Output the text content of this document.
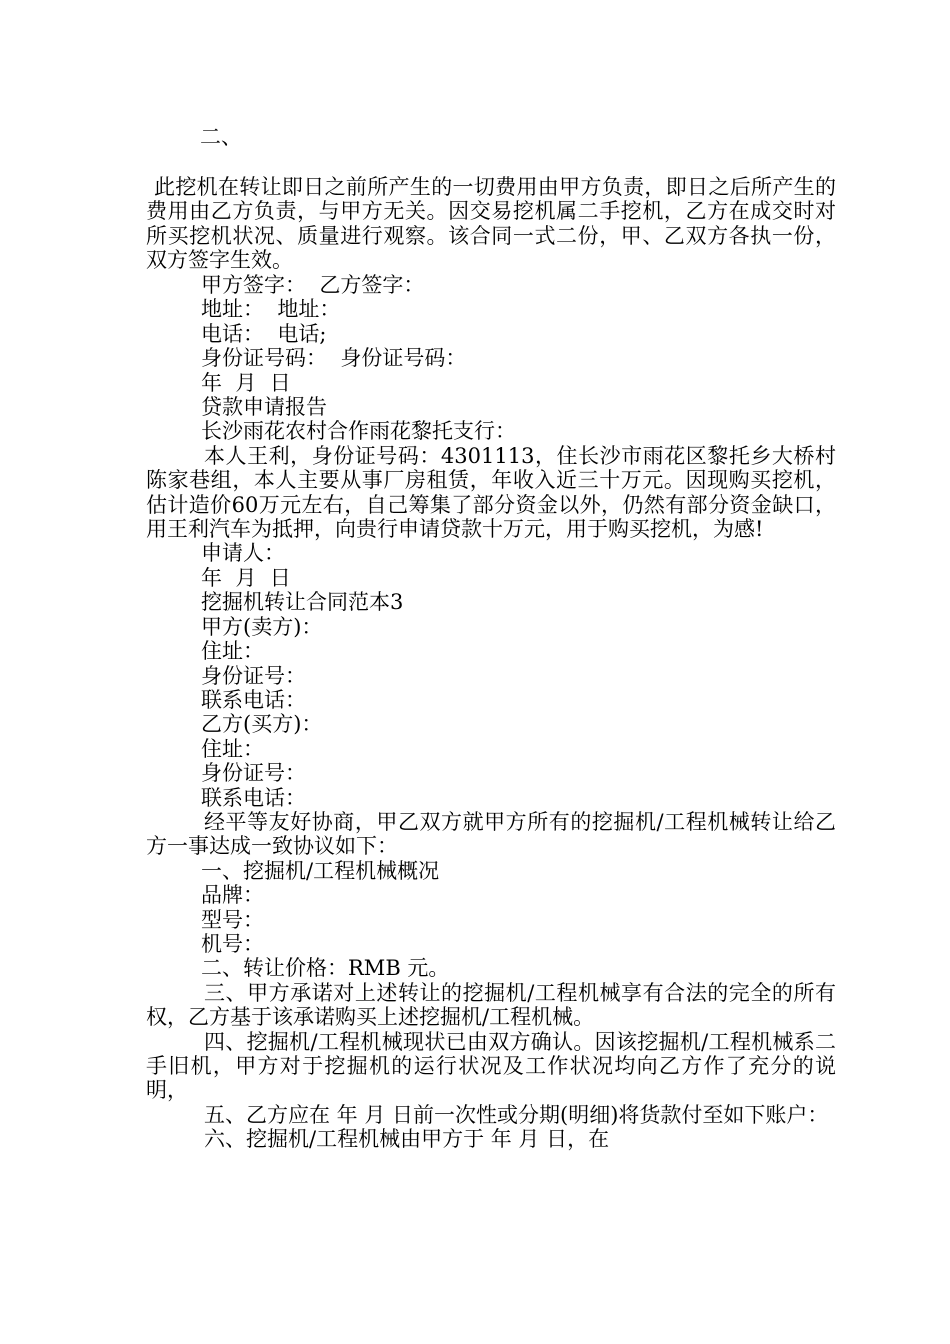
二、

此挖机在转让即日之前所产生的一切费用由甲方负责，即日之后所产生的费用由乙方负责，与甲方无关。因交易挖机属二手挖机，乙方在成交时对所买挖机状况、质量进行观察。该合同一式二份，甲、乙双方各执一份，双方签字生效。

甲方签字：  乙方签字：

地址：  地址：

电话：  电话;

身份证号码：  身份证号码：

年  月  日

贷款申请报告

长沙雨花农村合作雨花黎托支行：

本人王利，身份证号码：4301113，住长沙市雨花区黎托乡大桥村陈家巷组，本人主要从事厂房租赁，年收入近三十万元。因现购买挖机，估计造价60万元左右，自己筹集了部分资金以外，仍然有部分资金缺口，用王利汽车为抵押，向贵行申请贷款十万元，用于购买挖机，为感!

申请人：

年  月  日

挖掘机转让合同范本3

甲方(卖方)：

住址：

身份证号：

联系电话：

乙方(买方)：

住址：

身份证号：

联系电话：

经平等友好协商，甲乙双方就甲方所有的挖掘机/工程机械转让给乙方一事达成一致协议如下：

一、挖掘机/工程机械概况

品牌：

型号：

机号：

二、转让价格：RMB 元。

三、甲方承诺对上述转让的挖掘机/工程机械享有合法的完全的所有权，乙方基于该承诺购买上述挖掘机/工程机械。

四、挖掘机/工程机械现状已由双方确认。因该挖掘机/工程机械系二手旧机，甲方对于挖掘机的运行状况及工作状况均向乙方作了充分的说明，

五、乙方应在 年 月 日前一次性或分期(明细)将货款付至如下账户：

六、挖掘机/工程机械由甲方于 年 月 日，在
